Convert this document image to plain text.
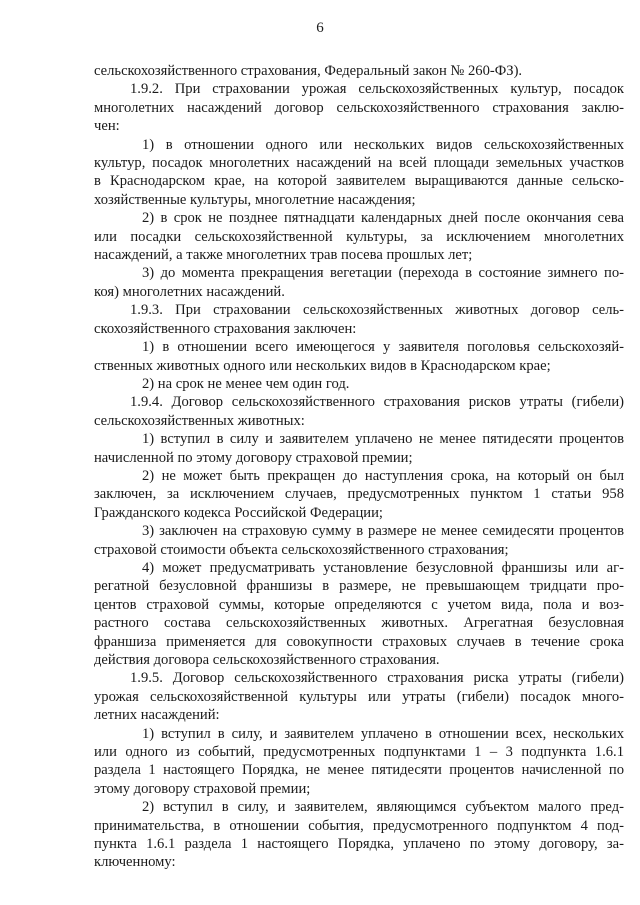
6
сельскохозяйственного страхования, Федеральный закон № 260-ФЗ).
1.9.2. При страховании урожая сельскохозяйственных культур, посадок
многолетних насаждений договор сельскохозяйственного страхования заклю-
чен:
1) в отношении одного или нескольких видов сельскохозяйственных
культур, посадок многолетних насаждений на всей площади земельных участков
в Краснодарском крае, на которой заявителем выращиваются данные сельско-
хозяйственные культуры, многолетние насаждения;
2) в срок не позднее пятнадцати календарных дней после окончания сева
или посадки сельскохозяйственной культуры, за исключением многолетних
насаждений, а также многолетних трав посева прошлых лет;
3) до момента прекращения вегетации (перехода в состояние зимнего по-
коя) многолетних насаждений.
1.9.3. При страховании сельскохозяйственных животных договор сель-
скохозяйственного страхования заключен:
1) в отношении всего имеющегося у заявителя поголовья сельскохозяй-
ственных животных одного или нескольких видов в Краснодарском крае;
2) на срок не менее чем один год.
1.9.4. Договор сельскохозяйственного страхования рисков утраты (гибели)
сельскохозяйственных животных:
1) вступил в силу и заявителем уплачено не менее пятидесяти процентов
начисленной по этому договору страховой премии;
2) не может быть прекращен до наступления срока, на который он был
заключен, за исключением случаев, предусмотренных пунктом 1 статьи 958
Гражданского кодекса Российской Федерации;
3) заключен на страховую сумму в размере не менее семидесяти процентов
страховой стоимости объекта сельскохозяйственного страхования;
4) может предусматривать установление безусловной франшизы или аг-
регатной безусловной франшизы в размере, не превышающем тридцати про-
центов страховой суммы, которые определяются с учетом вида, пола и воз-
растного состава сельскохозяйственных животных. Агрегатная безусловная
франшиза применяется для совокупности страховых случаев в течение срока
действия договора сельскохозяйственного страхования.
1.9.5. Договор сельскохозяйственного страхования риска утраты (гибели)
урожая сельскохозяйственной культуры или утраты (гибели) посадок много-
летних насаждений:
1) вступил в силу, и заявителем уплачено в отношении всех, нескольких
или одного из событий, предусмотренных подпунктами 1 – 3 подпункта 1.6.1
раздела 1 настоящего Порядка, не менее пятидесяти процентов начисленной по
этому договору страховой премии;
2) вступил в силу, и заявителем, являющимся субъектом малого пред-
принимательства, в отношении события, предусмотренного подпунктом 4 под-
пункта 1.6.1 раздела 1 настоящего Порядка, уплачено по этому договору, за-
ключенному:
